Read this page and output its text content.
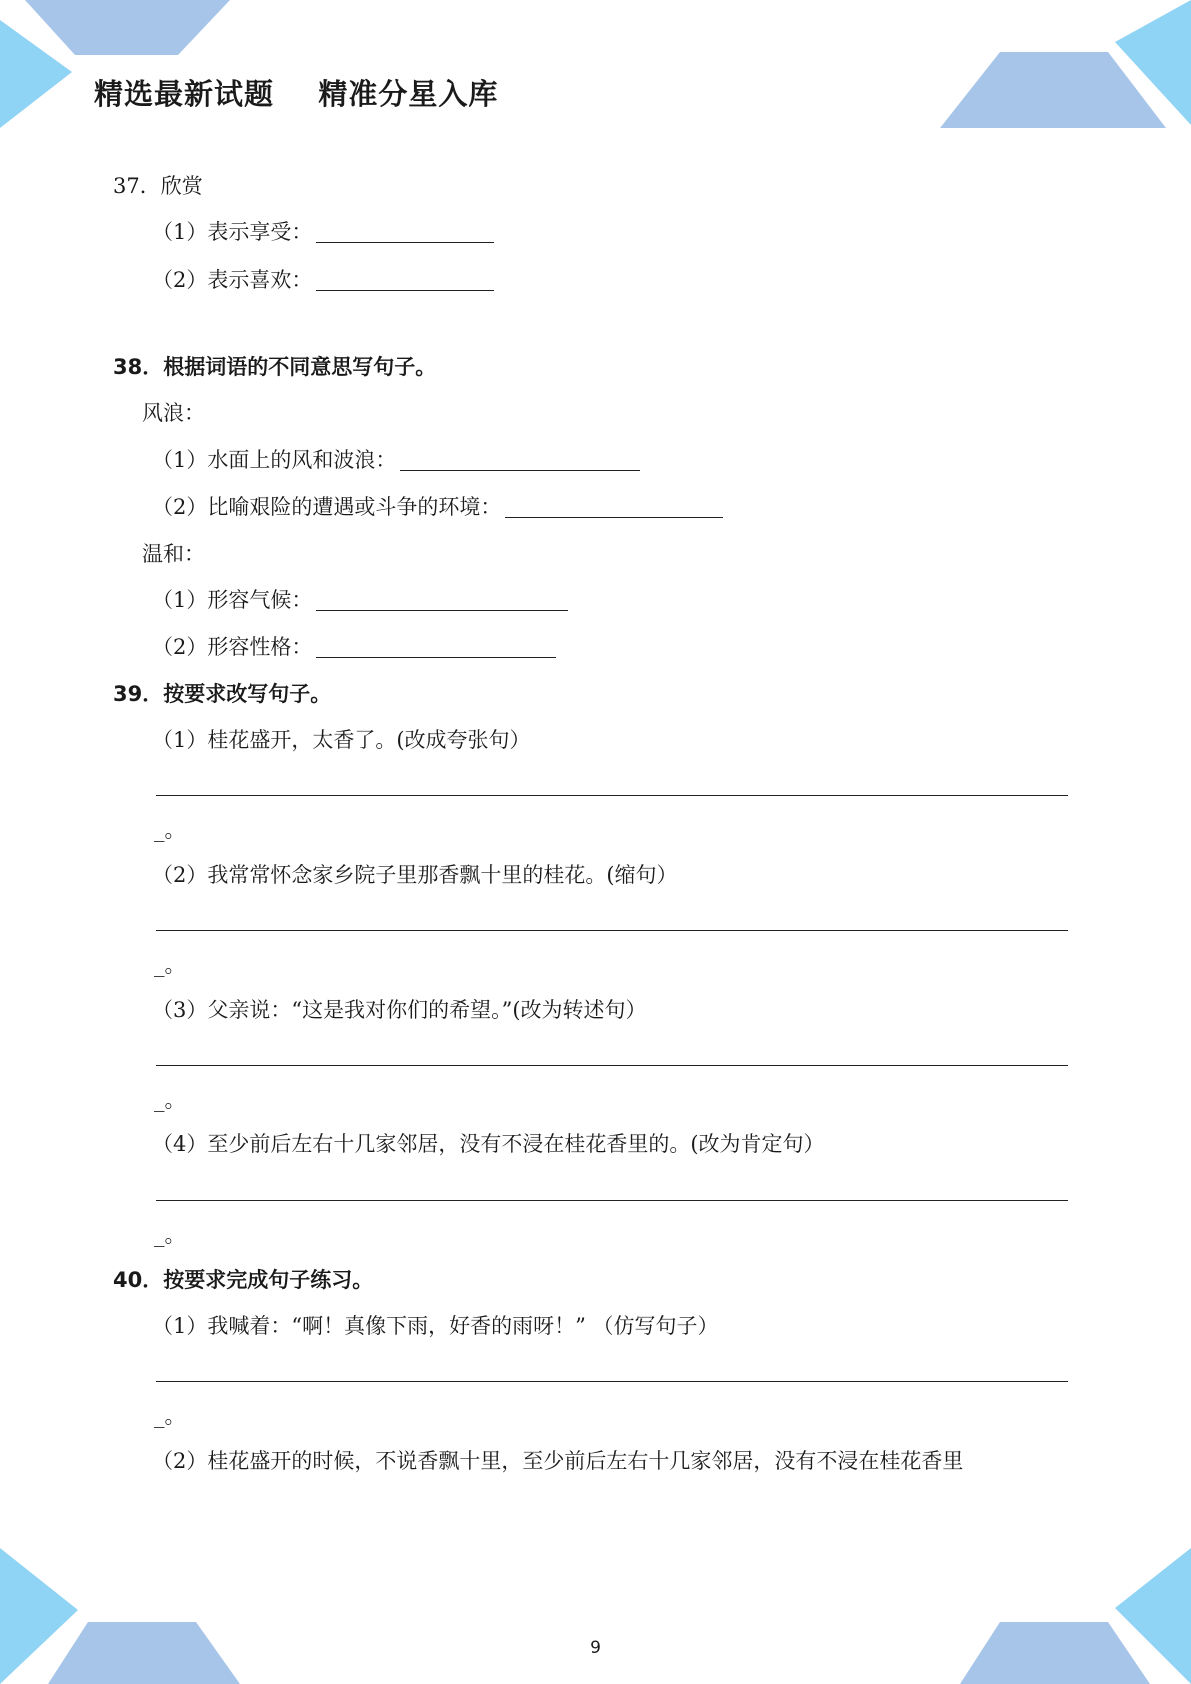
精选最新试题    精准分星入库
37．欣赏
（1）表示享受：
（2）表示喜欢：
38．根据词语的不同意思写句子。
风浪：
（1）水面上的风和波浪：
（2）比喻艰险的遭遇或斗争的环境：
温和：
（1）形容气候：
（2）形容性格：
39．按要求改写句子。
（1）桂花盛开，太香了。(改成夸张句）
_。
（2）我常常怀念家乡院子里那香飘十里的桂花。(缩句）
_。
（3）父亲说：“这是我对你们的希望。”(改为转述句）
_。
（4）至少前后左右十几家邻居，没有不浸在桂花香里的。(改为肯定句）
_。
40．按要求完成句子练习。
（1）我喊着：“啊！真像下雨，好香的雨呀！” （仿写句子）
_。
（2）桂花盛开的时候，不说香飘十里，至少前后左右十几家邻居，没有不浸在桂花香里
9
